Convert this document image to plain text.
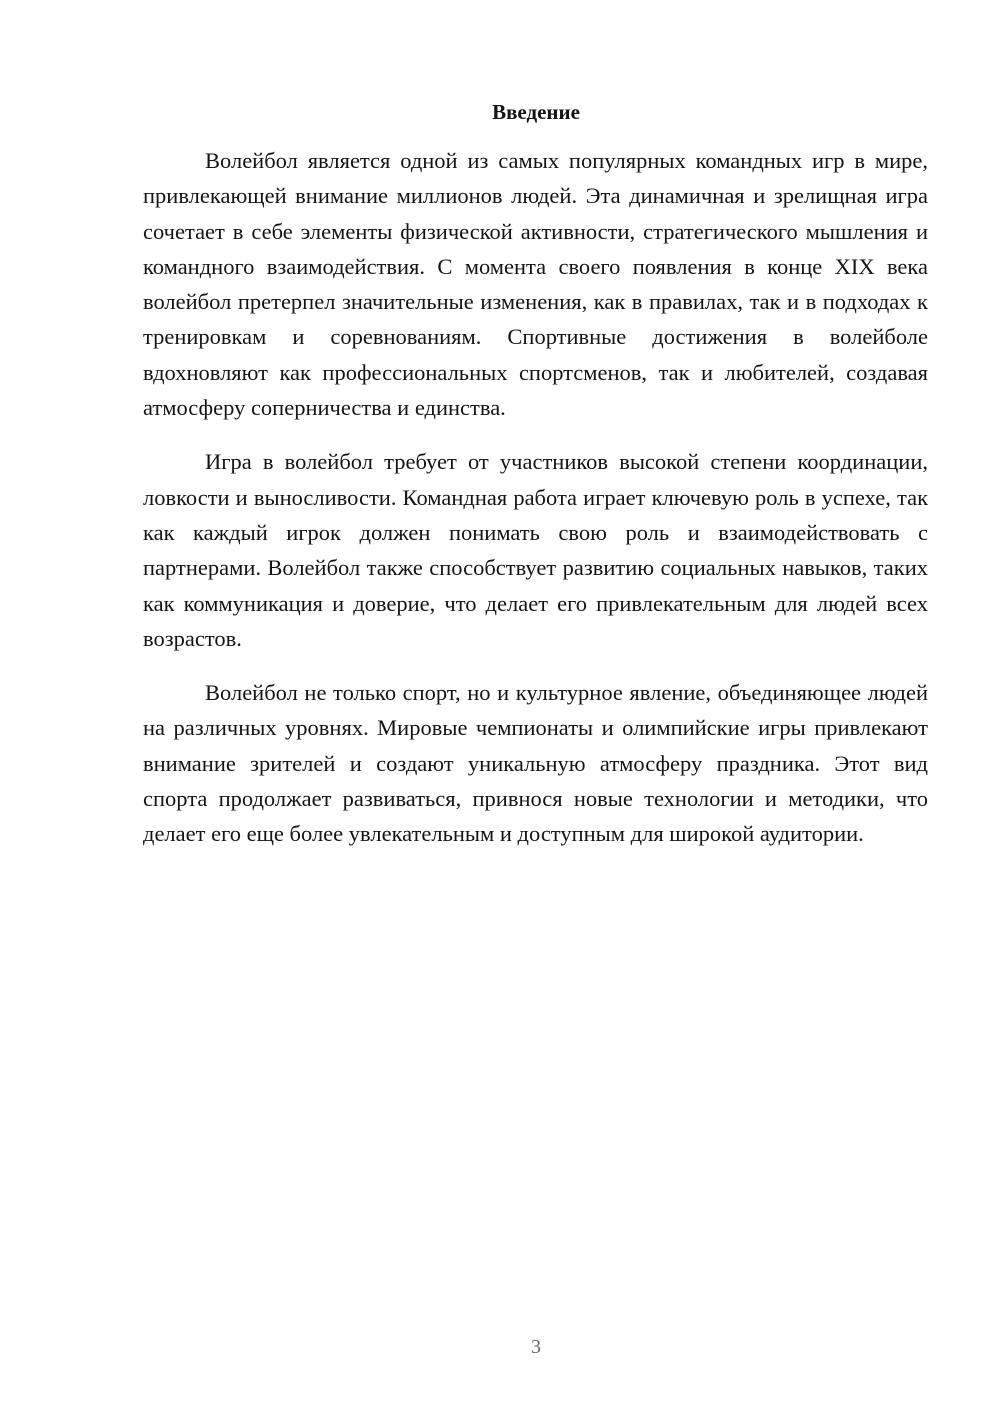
Введение

Волейбол является одной из самых популярных командных игр в мире, привлекающей внимание миллионов людей. Эта динамичная и зрелищная игра сочетает в себе элементы физической активности, стратегического мышления и командного взаимодействия. С момента своего появления в конце XIX века волейбол претерпел значительные изменения, как в правилах, так и в подходах к тренировкам и соревнованиям. Спортивные достижения в волейболе вдохновляют как профессиональных спортсменов, так и любителей, создавая атмосферу соперничества и единства.

Игра в волейбол требует от участников высокой степени координации, ловкости и выносливости. Командная работа играет ключевую роль в успехе, так как каждый игрок должен понимать свою роль и взаимодействовать с партнерами. Волейбол также способствует развитию социальных навыков, таких как коммуникация и доверие, что делает его привлекательным для людей всех возрастов.

Волейбол не только спорт, но и культурное явление, объединяющее людей на различных уровнях. Мировые чемпионаты и олимпийские игры привлекают внимание зрителей и создают уникальную атмосферу праздника. Этот вид спорта продолжает развиваться, привнося новые технологии и методики, что делает его еще более увлекательным и доступным для широкой аудитории.

3
